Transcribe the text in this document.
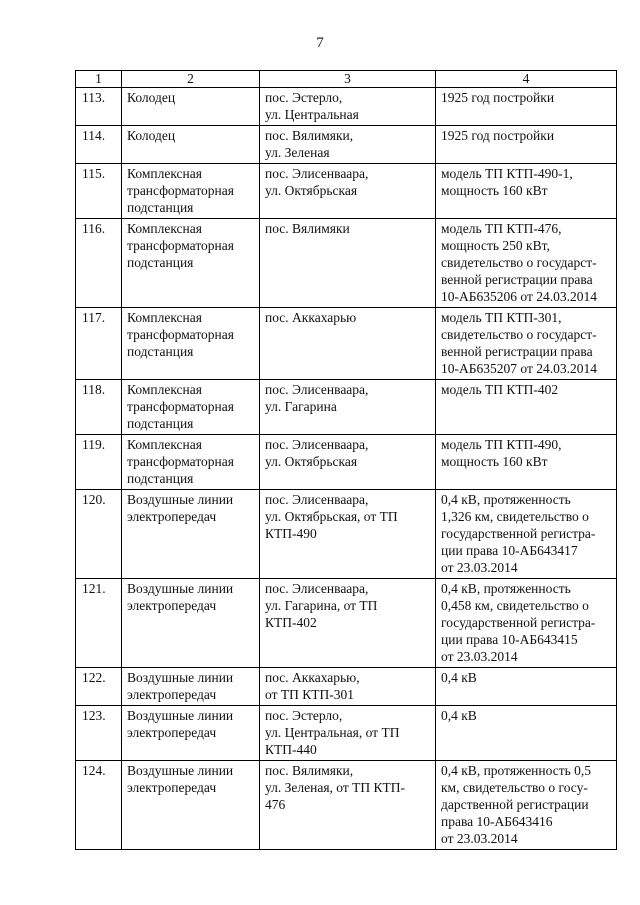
7
1	2	3	4
113.	Колодец	пос. Эстерло,
ул. Центральная	1925 год постройки

114.	Колодец	пос. Вялимяки,
ул. Зеленая	1925 год постройки

115.	Комплексная
трансформаторная
подстанция	пос. Элисенваара,
ул. Октябрьская	модель ТП КТП-490-1,
мощность 160 кВт

116.	Комплексная
трансформаторная
подстанция	пос. Вялимяки	модель ТП КТП-476,
мощность 250 кВт,
свидетельство о государст-
венной регистрации права
10-АБ635206 от 24.03.2014

117.	Комплексная
трансформаторная
подстанция	пос. Аккахарью	модель ТП КТП-301,
свидетельство о государст-
венной регистрации права
10-АБ635207 от 24.03.2014

118.	Комплексная
трансформаторная
подстанция	пос. Элисенваара,
ул. Гагарина	модель ТП КТП-402

119.	Комплексная
трансформаторная
подстанция	пос. Элисенваара,
ул. Октябрьская	модель ТП КТП-490,
мощность 160 кВт

120.	Воздушные линии
электропередач	пос. Элисенваара,
ул. Октябрьская, от ТП
КТП-490	0,4 кВ, протяженность
1,326 км, свидетельство о
государственной регистра-
ции права 10-АБ643417
от 23.03.2014

121.	Воздушные линии
электропередач	пос. Элисенваара,
ул. Гагарина, от ТП
КТП-402	0,4 кВ, протяженность
0,458 км, свидетельство о
государственной регистра-
ции права 10-АБ643415
от 23.03.2014

122.	Воздушные линии
электропередач	пос. Аккахарью,
от ТП КТП-301	0,4 кВ

123.	Воздушные линии
электропередач	пос. Эстерло,
ул. Центральная, от ТП
КТП-440	0,4 кВ

124.	Воздушные линии
электропередач	пос. Вялимяки,
ул. Зеленая, от ТП КТП-
476	0,4 кВ, протяженность 0,5
км, свидетельство о госу-
дарственной регистрации
права 10-АБ643416
от 23.03.2014
